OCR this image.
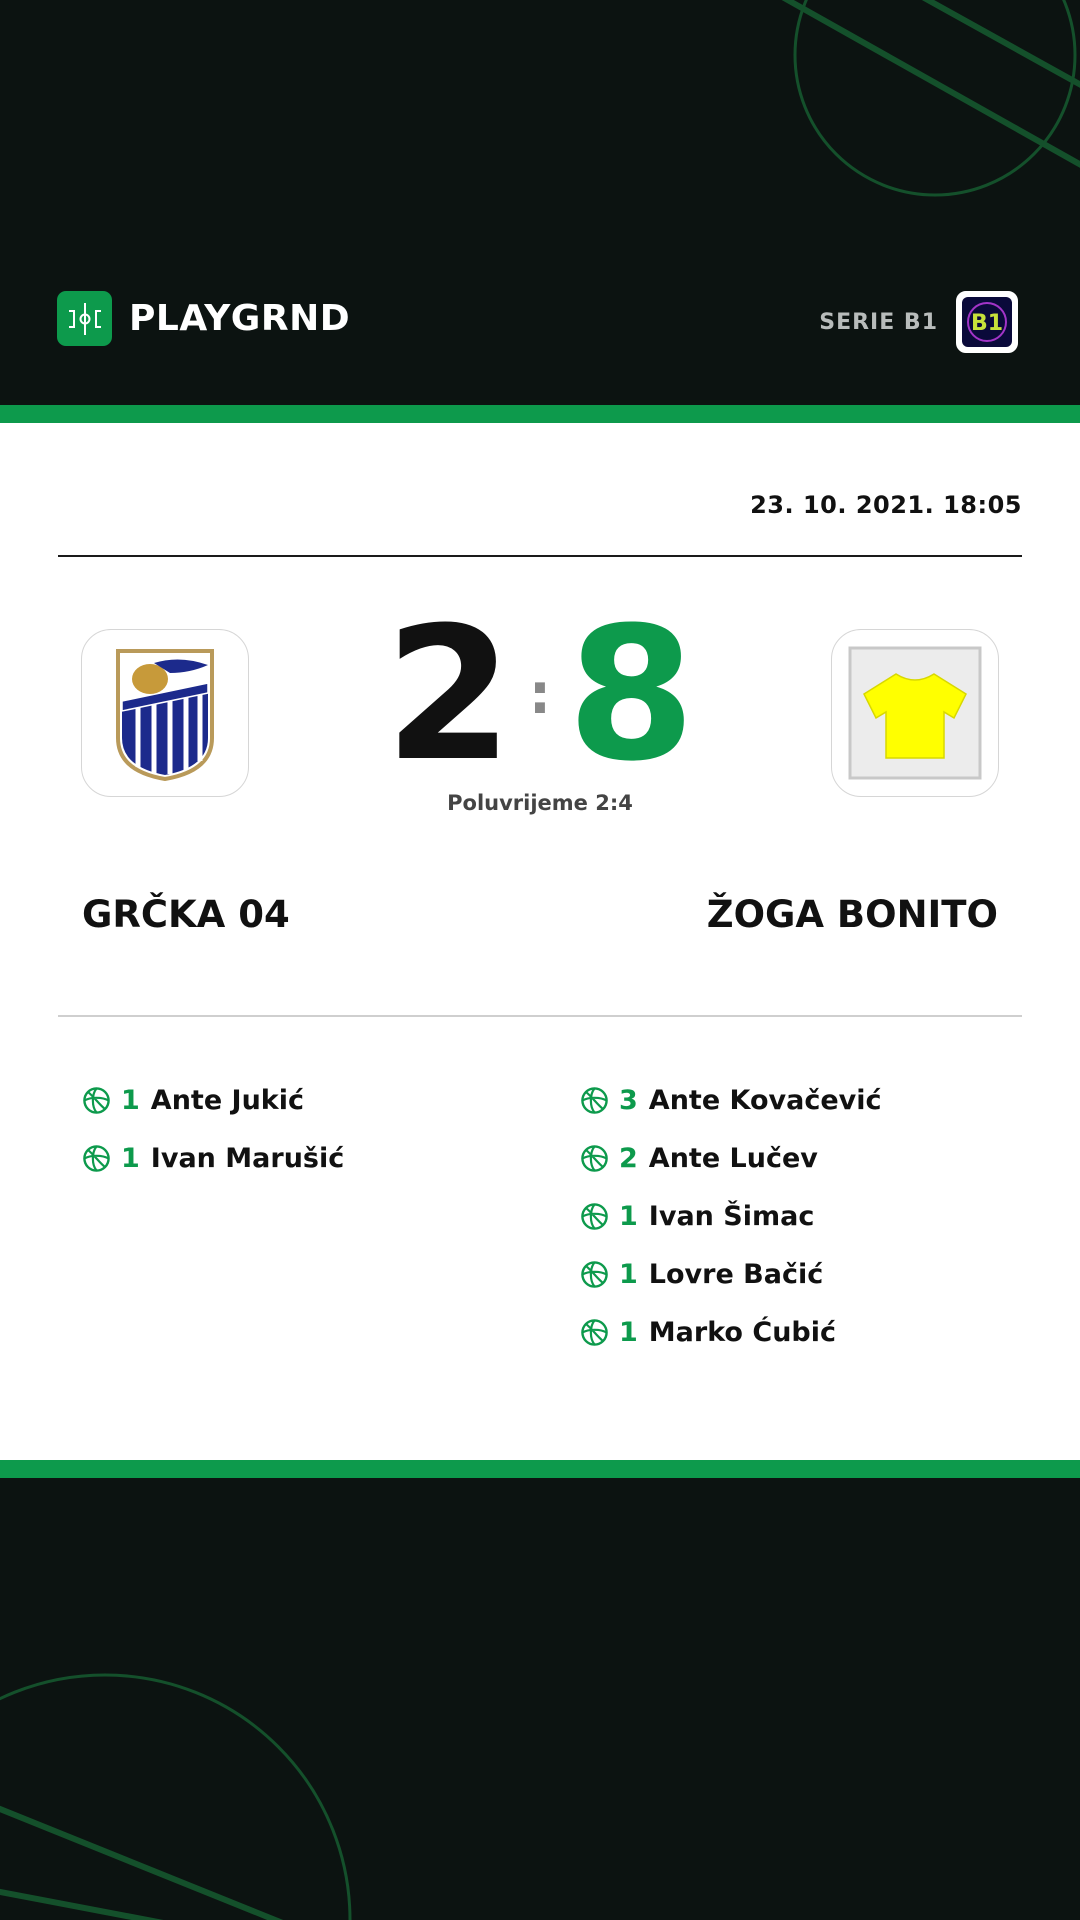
PLAYGRND	SERIE B1 B1
23. 10. 2021. 18:05
2 :8
Poluvrijeme 2:4
GRČKA 04	ŽOGA BONITO
1 Ante Jukić
1 Ivan Marušić
3 Ante Kovačević
2 Ante Lučev
1 Ivan Šimac
1 Lovre Bačić
1 Marko Ćubić
